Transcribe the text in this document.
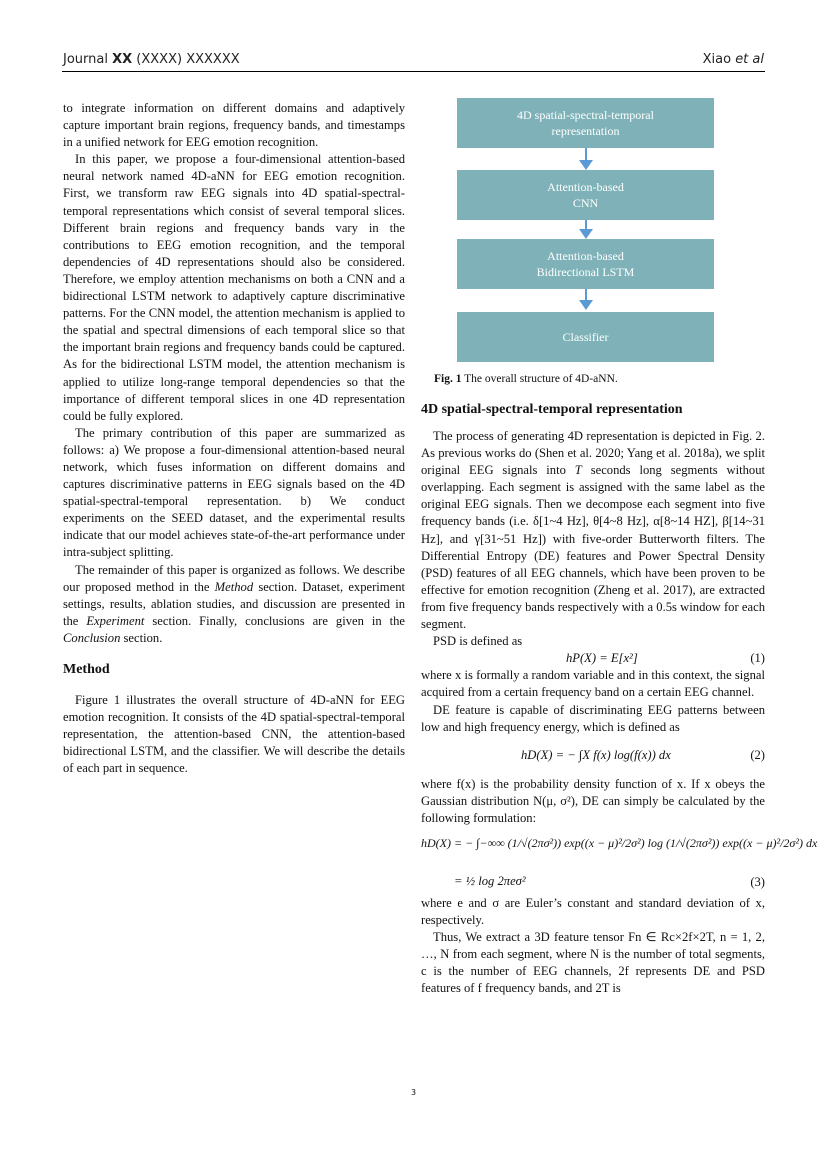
Journal XX (XXXX) XXXXXX	Xiao et al

to integrate information on different domains and adaptively capture important brain regions, frequency bands, and timestamps in a unified network for EEG emotion recognition.

In this paper, we propose a four-dimensional attention-based neural network named 4D-aNN for EEG emotion recognition. First, we transform raw EEG signals into 4D spatial-spectral-temporal representations which consist of several temporal slices. Different brain regions and frequency bands vary in the contributions to EEG emotion recognition, and the temporal dependencies of 4D representations should also be considered. Therefore, we employ attention mechanisms on both a CNN and a bidirectional LSTM network to adaptively capture discriminative patterns. For the CNN model, the attention mechanism is applied to the spatial and spectral dimensions of each temporal slice so that the important brain regions and frequency bands could be captured. As for the bidirectional LSTM model, the attention mechanism is applied to utilize long-range temporal dependencies so that the importance of different temporal slices in one 4D representation could be fully explored.

The primary contribution of this paper are summarized as follows: a) We propose a four-dimensional attention-based neural network, which fuses information on different domains and captures discriminative patterns in EEG signals based on the 4D spatial-spectral-temporal representation. b) We conduct experiments on the SEED dataset, and the experimental results indicate that our model achieves state-of-the-art performance under intra-subject splitting.

The remainder of this paper is organized as follows. We describe our proposed method in the Method section. Dataset, experiment settings, results, ablation studies, and discussion are presented in the Experiment section. Finally, conclusions are given in the Conclusion section.

Method

Figure 1 illustrates the overall structure of 4D-aNN for EEG emotion recognition. It consists of the 4D spatial-spectral-temporal representation, the attention-based CNN, the attention-based bidirectional LSTM, and the classifier. We will describe the details of each part in sequence.

4D spatial-spectral-temporal
representation
Attention-based
CNN
Attention-based
Bidirectional LSTM
Classifier
Fig. 1 The overall structure of 4D-aNN.
4D spatial-spectral-temporal representation

The process of generating 4D representation is depicted in Fig. 2. As previous works do (Shen et al. 2020; Yang et al. 2018a), we split original EEG signals into T seconds long segments without overlapping. Each segment is assigned with the same label as the original EEG signals. Then we decompose each segment into five frequency bands (i.e. δ[1~4 Hz], θ[4~8 Hz], α[8~14 HZ], β[14~31 Hz], and γ[31~51 Hz]) with five-order Butterworth filters. The Differential Entropy (DE) features and Power Spectral Density (PSD) features of all EEG channels, which have been proven to be effective for emotion recognition (Zheng et al. 2017), are extracted from five frequency bands respectively with a 0.5s window for each segment.

PSD is defined as

hP(X) = E[x²]	(1)

where x is formally a random variable and in this context, the signal acquired from a certain frequency band on a certain EEG channel.

DE feature is capable of discriminating EEG patterns between low and high frequency energy, which is defined as

hD(X) = − ∫X f(x) log(f(x)) dx	(2)

where f(x) is the probability density function of x. If x obeys the Gaussian distribution N(μ, σ²), DE can simply be calculated by the following formulation:

hD(X) = − ∫−∞∞ (1/√(2πσ²)) exp((x − μ)²/2σ²) log (1/√(2πσ²)) exp((x − μ)²/2σ²) dx
= ½ log 2πeσ²	(3)

where e and σ are Euler’s constant and standard deviation of x, respectively.

Thus, We extract a 3D feature tensor Fn ∈ Rc×2f×2T, n = 1, 2, …, N from each segment, where N is the number of total segments, c is the number of EEG channels, 2f represents DE and PSD features of f frequency bands, and 2T is

3
